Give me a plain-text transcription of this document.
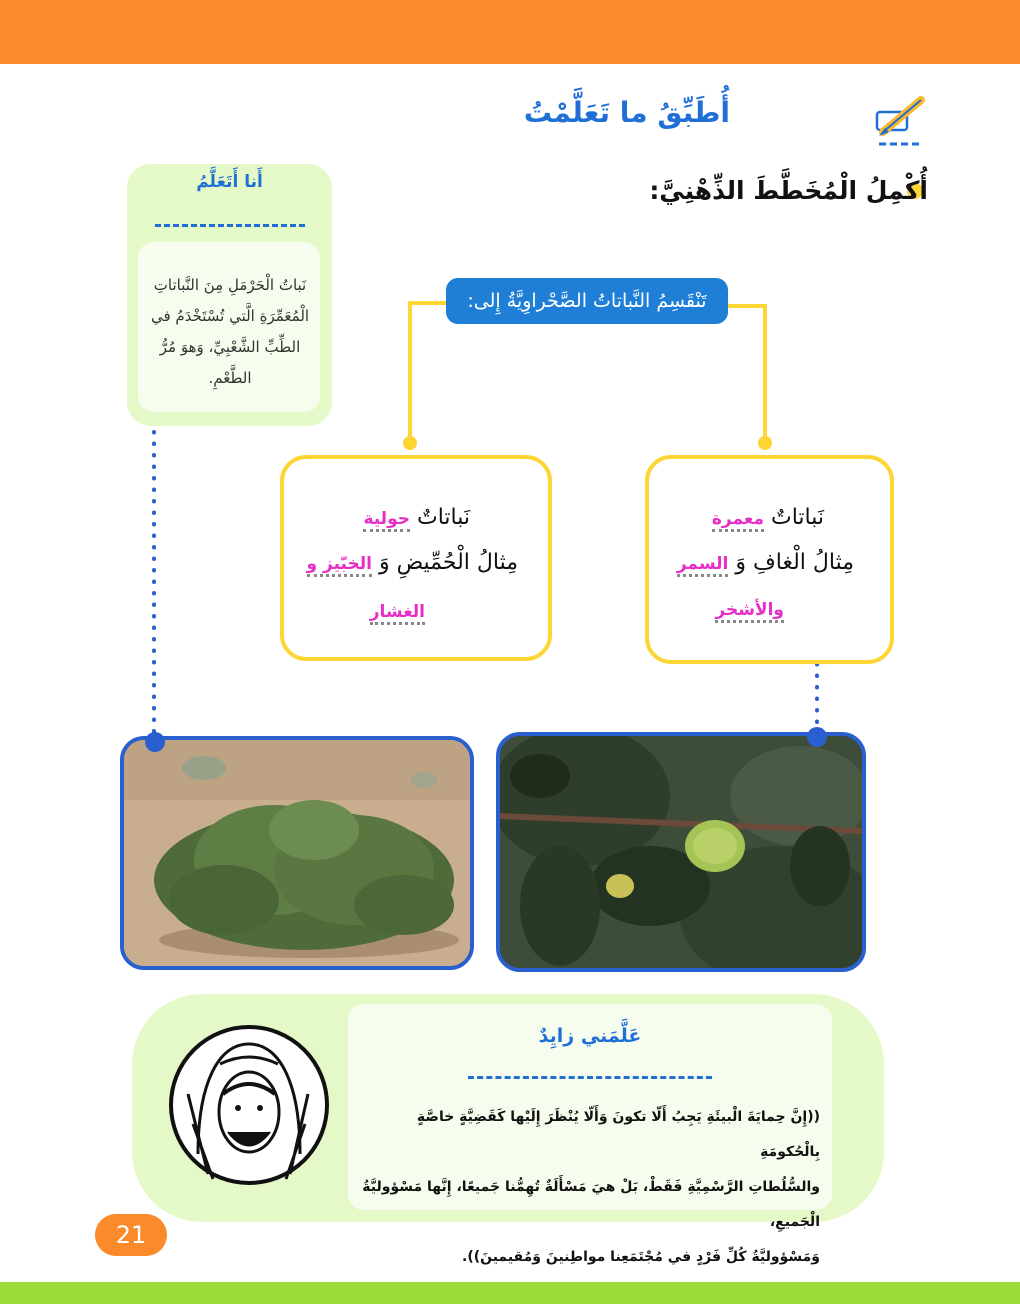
أُطَبِّقُ ما تَعَلَّمْتُ
أُكْمِلُ الْمُخَطَّطَ الذِّهْنِيَّ:
أَنا أَتَعَلَّمُ
نَباتُ الْحَرْمَلِ مِنَ النَّباتاتِ الْمُعَمِّرَةِ الَّتي تُسْتَخْدَمُ في الطِّبِّ الشَّعْبِيِّ، وَهوَ مُرُّ الطَّعْمِ.
تَنْقَسِمُ النَّباتاتُ الصَّحْراوِيَّةُ إِلى:
نَباتاتٌ حولية
مِثالُ الْحُمِّيضِ وَ الخبّيز و
الغشار
نَباتاتٌ معمرة
مِثالُ الْغافِ وَ السمر
والأشخر
عَلَّمَني زايِدٌ
((إِنَّ حِمايَةَ الْبيئَةِ يَجِبُ أَلّا تكونَ وَأَلّا يُنْظَرَ إِلَيْها كَقَضِيَّةٍ خاصَّةٍ بِالْحُكومَةِ
والسُّلُطاتِ الرَّسْمِيَّةِ فَقَطْ، بَلْ هيَ مَسْأَلَةٌ تُهِمُّنا جَميعًا، إِنَّها مَسْؤوليَّةُ الْجَميعِ،
وَمَسْؤوليَّةُ كُلِّ فَرْدٍ في مُجْتَمَعِنا مواطِنينَ وَمُقيمينَ)).
21
